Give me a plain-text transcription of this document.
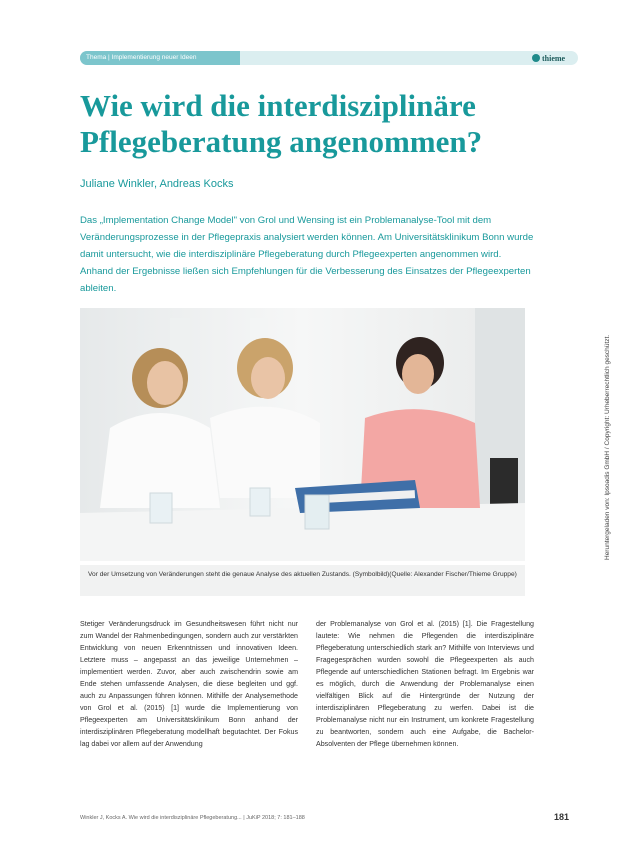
Thema | Implementierung neuer Ideen	thieme
Wie wird die interdisziplinäre
Pflegeberatung angenommen?
Juliane Winkler, Andreas Kocks
Das „Implementation Change Model" von Grol und Wensing ist ein Problemanalyse-Tool mit dem Veränderungsprozesse in der Pflegepraxis analysiert werden können. Am Universitätsklinikum Bonn wurde damit untersucht, wie die interdisziplinäre Pflegeberatung durch Pflegeexperten angenommen wird. Anhand der Ergebnisse ließen sich Empfehlungen für die Verbesserung des Einsatzes der Pflegeexperten ableiten.
Vor der Umsetzung von Veränderungen steht die genaue Analyse des aktuellen Zustands. (Symbolbild)(Quelle: Alexander Fischer/Thieme Gruppe)
Stetiger Veränderungsdruck im Gesundheitswesen führt nicht nur zum Wandel der Rahmenbedingungen, sondern auch zur verstärkten Entwicklung von neuen Erkenntnissen und innovativen Ideen. Letztere muss – angepasst an das jeweilige Unternehmen – implementiert werden. Zuvor, aber auch zwischendrin sowie am Ende stehen umfassende Analysen, die diese begleiten und ggf. auch zu Anpassungen führen können. Mithilfe der Analysemethode von Grol et al. (2015) [1] wurde die Implementierung von Pflegeexperten am Universitätsklinikum Bonn anhand der interdisziplinären Pflegeberatung modellhaft begutachtet. Der Fokus lag dabei vor allem auf der Anwendung
der Problemanalyse von Grol et al. (2015) [1]. Die Fragestellung lautete: Wie nehmen die Pflegenden die interdisziplinäre Pflegeberatung unterschiedlich stark an? Mithilfe von Interviews und Fragegesprächen wurden sowohl die Pflegeexperten als auch Pflegende auf unterschiedlichen Stationen befragt. Im Ergebnis war es möglich, durch die Anwendung der Problemanalyse einen vielfältigen Blick auf die Hintergründe der Nutzung der interdisziplinären Pflegeberatung zu werfen. Dabei ist die Problemanalyse nicht nur ein Instrument, um konkrete Fragestellung zu beantworten, sondern auch eine Aufgabe, die Bachelor-Absolventen der Pflege übernehmen können.
Winkler J, Kocks A. Wie wird die interdisziplinäre Pflegeberatung... | JuKiP 2018; 7: 181–188	181
Heruntergeladen von: Ipsoadis GmbH / Copyright: Urheberrechtlich geschützt.
